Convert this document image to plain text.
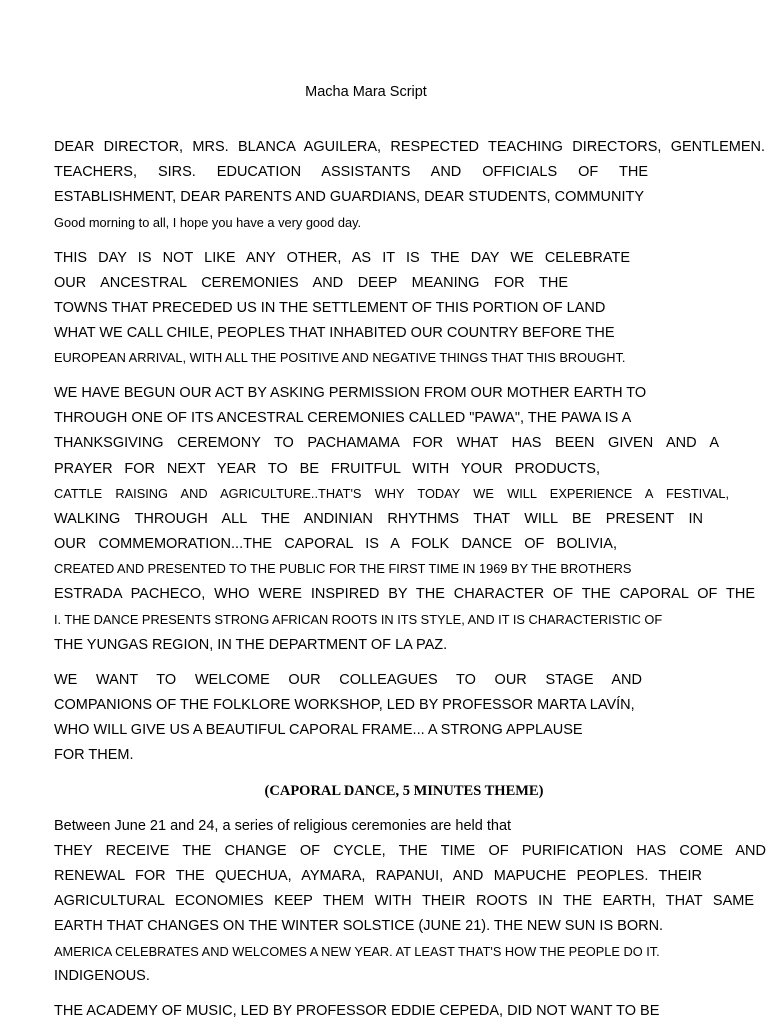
Macha Mara Script
DEAR DIRECTOR, MRS. BLANCA AGUILERA, RESPECTED TEACHING DIRECTORS, GENTLEMEN.
TEACHERS, SIRS. EDUCATION ASSISTANTS AND OFFICIALS OF THE
ESTABLISHMENT, DEAR PARENTS AND GUARDIANS, DEAR STUDENTS, COMMUNITY
Good morning to all, I hope you have a very good day.
THIS DAY IS NOT LIKE ANY OTHER, AS IT IS THE DAY WE CELEBRATE
OUR ANCESTRAL CEREMONIES AND DEEP MEANING FOR THE
TOWNS THAT PRECEDED US IN THE SETTLEMENT OF THIS PORTION OF LAND
WHAT WE CALL CHILE, PEOPLES THAT INHABITED OUR COUNTRY BEFORE THE
EUROPEAN ARRIVAL, WITH ALL THE POSITIVE AND NEGATIVE THINGS THAT THIS BROUGHT.
WE HAVE BEGUN OUR ACT BY ASKING PERMISSION FROM OUR MOTHER EARTH TO
THROUGH ONE OF ITS ANCESTRAL CEREMONIES CALLED "PAWA", THE PAWA IS A
THANKSGIVING CEREMONY TO PACHAMAMA FOR WHAT HAS BEEN GIVEN AND A
PRAYER FOR NEXT YEAR TO BE FRUITFUL WITH YOUR PRODUCTS,
CATTLE RAISING AND AGRICULTURE..THAT'S WHY TODAY WE WILL EXPERIENCE A FESTIVAL,
WALKING THROUGH ALL THE ANDINIAN RHYTHMS THAT WILL BE PRESENT IN
OUR COMMEMORATION...THE CAPORAL IS A FOLK DANCE OF BOLIVIA,
CREATED AND PRESENTED TO THE PUBLIC FOR THE FIRST TIME IN 1969 BY THE BROTHERS
ESTRADA PACHECO, WHO WERE INSPIRED BY THE CHARACTER OF THE CAPORAL OF THE
I. THE DANCE PRESENTS STRONG AFRICAN ROOTS IN ITS STYLE, AND IT IS CHARACTERISTIC OF
THE YUNGAS REGION, IN THE DEPARTMENT OF LA PAZ.
WE WANT TO WELCOME OUR COLLEAGUES TO OUR STAGE AND
COMPANIONS OF THE FOLKLORE WORKSHOP, LED BY PROFESSOR MARTA LAVÍN,
WHO WILL GIVE US A BEAUTIFUL CAPORAL FRAME... A STRONG APPLAUSE
FOR THEM.
(CAPORAL DANCE, 5 MINUTES THEME)
Between June 21 and 24, a series of religious ceremonies are held that
THEY RECEIVE THE CHANGE OF CYCLE, THE TIME OF PURIFICATION HAS COME AND
RENEWAL FOR THE QUECHUA, AYMARA, RAPANUI, AND MAPUCHE PEOPLES. THEIR
AGRICULTURAL ECONOMIES KEEP THEM WITH THEIR ROOTS IN THE EARTH, THAT SAME
EARTH THAT CHANGES ON THE WINTER SOLSTICE (JUNE 21). THE NEW SUN IS BORN.
AMERICA CELEBRATES AND WELCOMES A NEW YEAR. AT LEAST THAT'S HOW THE PEOPLE DO IT.
INDIGENOUS.
THE ACADEMY OF MUSIC, LED BY PROFESSOR EDDIE CEPEDA, DID NOT WANT TO BE
